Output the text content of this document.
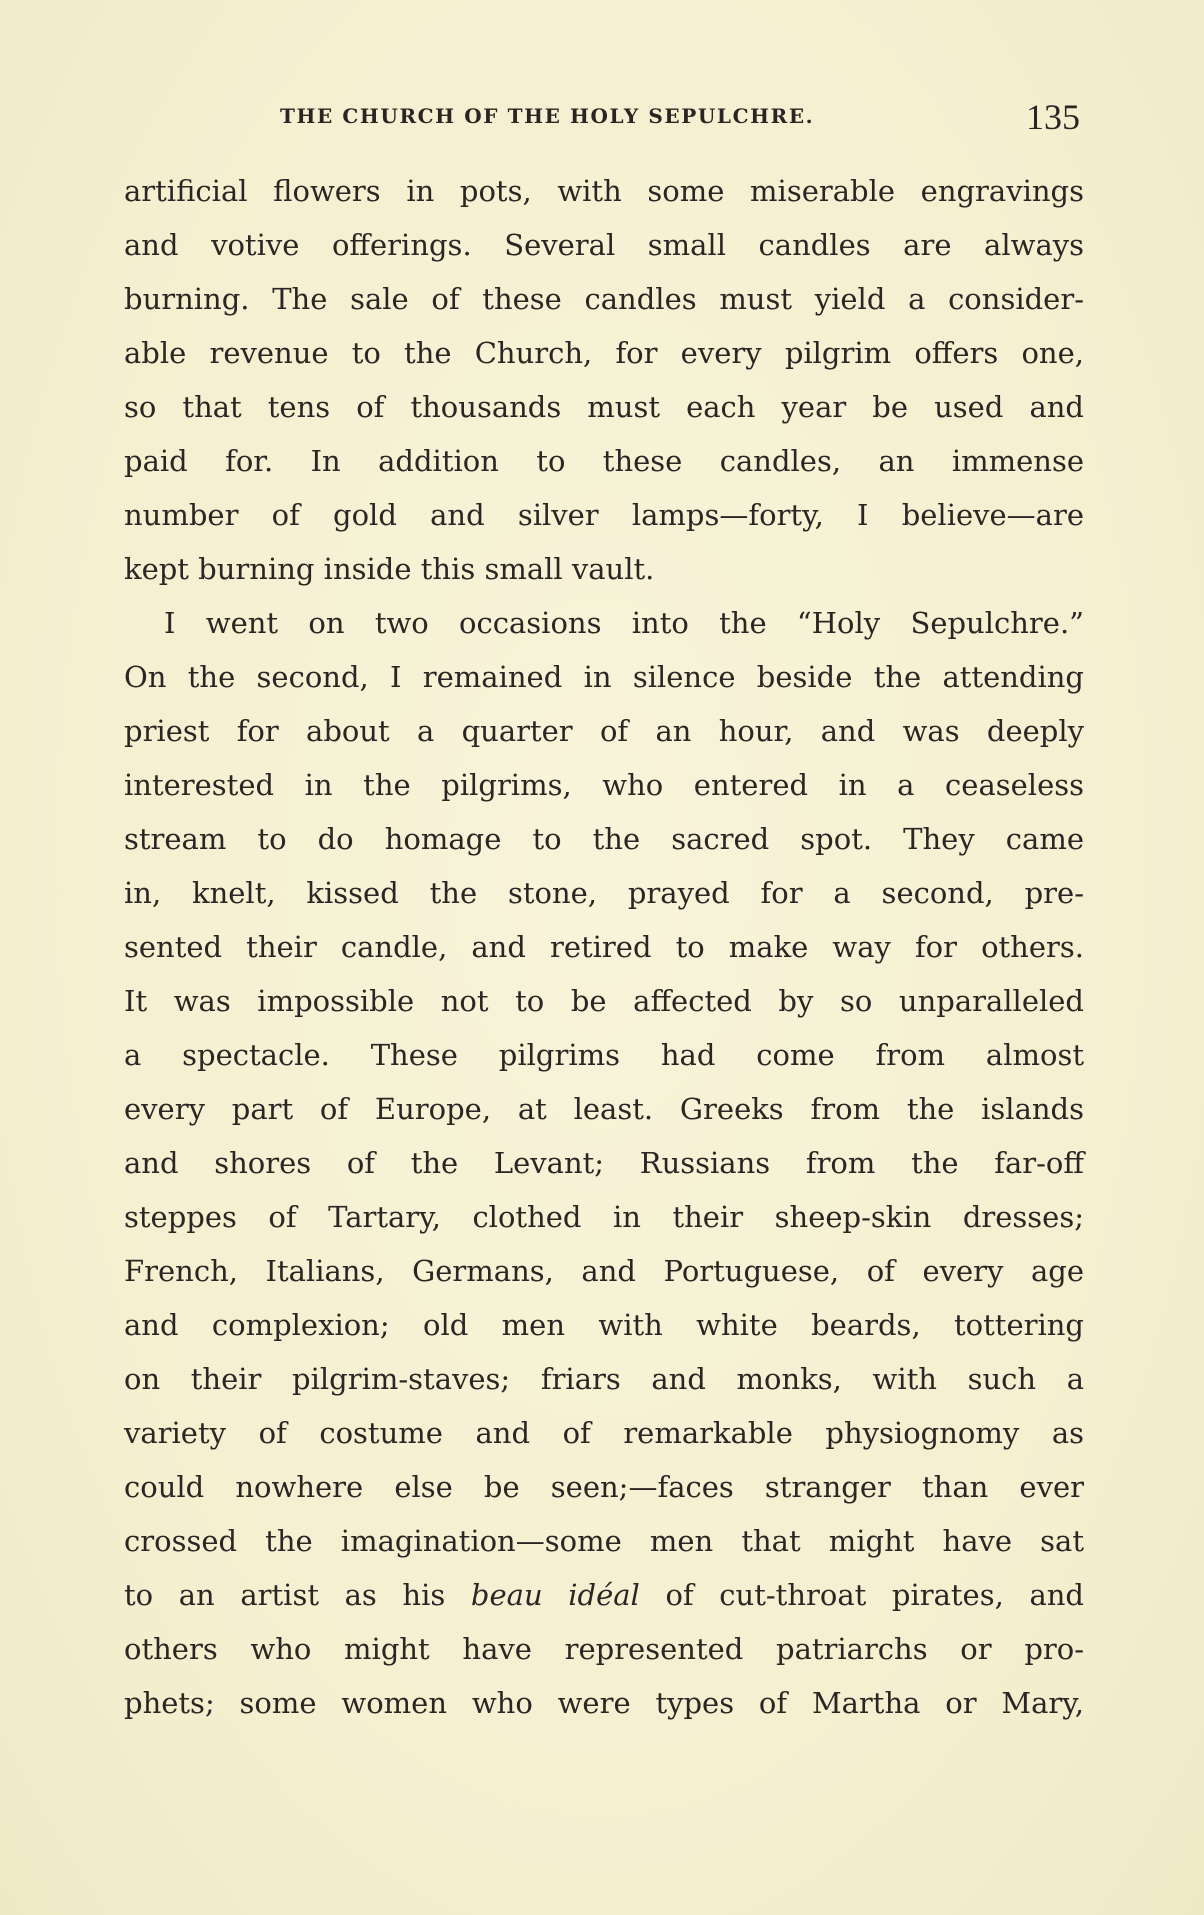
THE CHURCH OF THE HOLY SEPULCHRE.	135
artificial flowers in pots, with some miserable engravings
and votive offerings. Several small candles are always
burning. The sale of these candles must yield a consider-
able revenue to the Church, for every pilgrim offers one,
so that tens of thousands must each year be used and
paid for. In addition to these candles, an immense
number of gold and silver lamps—forty, I believe—are
kept burning inside this small vault.
I went on two occasions into the “Holy Sepulchre.”
On the second, I remained in silence beside the attending
priest for about a quarter of an hour, and was deeply
interested in the pilgrims, who entered in a ceaseless
stream to do homage to the sacred spot. They came
in, knelt, kissed the stone, prayed for a second, pre-
sented their candle, and retired to make way for others.
It was impossible not to be affected by so unparalleled
a spectacle. These pilgrims had come from almost
every part of Europe, at least. Greeks from the islands
and shores of the Levant; Russians from the far-off
steppes of Tartary, clothed in their sheep-skin dresses;
French, Italians, Germans, and Portuguese, of every age
and complexion; old men with white beards, tottering
on their pilgrim-staves; friars and monks, with such a
variety of costume and of remarkable physiognomy as
could nowhere else be seen;—faces stranger than ever
crossed the imagination—some men that might have sat
to an artist as his beau idéal of cut-throat pirates, and
others who might have represented patriarchs or pro-
phets; some women who were types of Martha or Mary,
